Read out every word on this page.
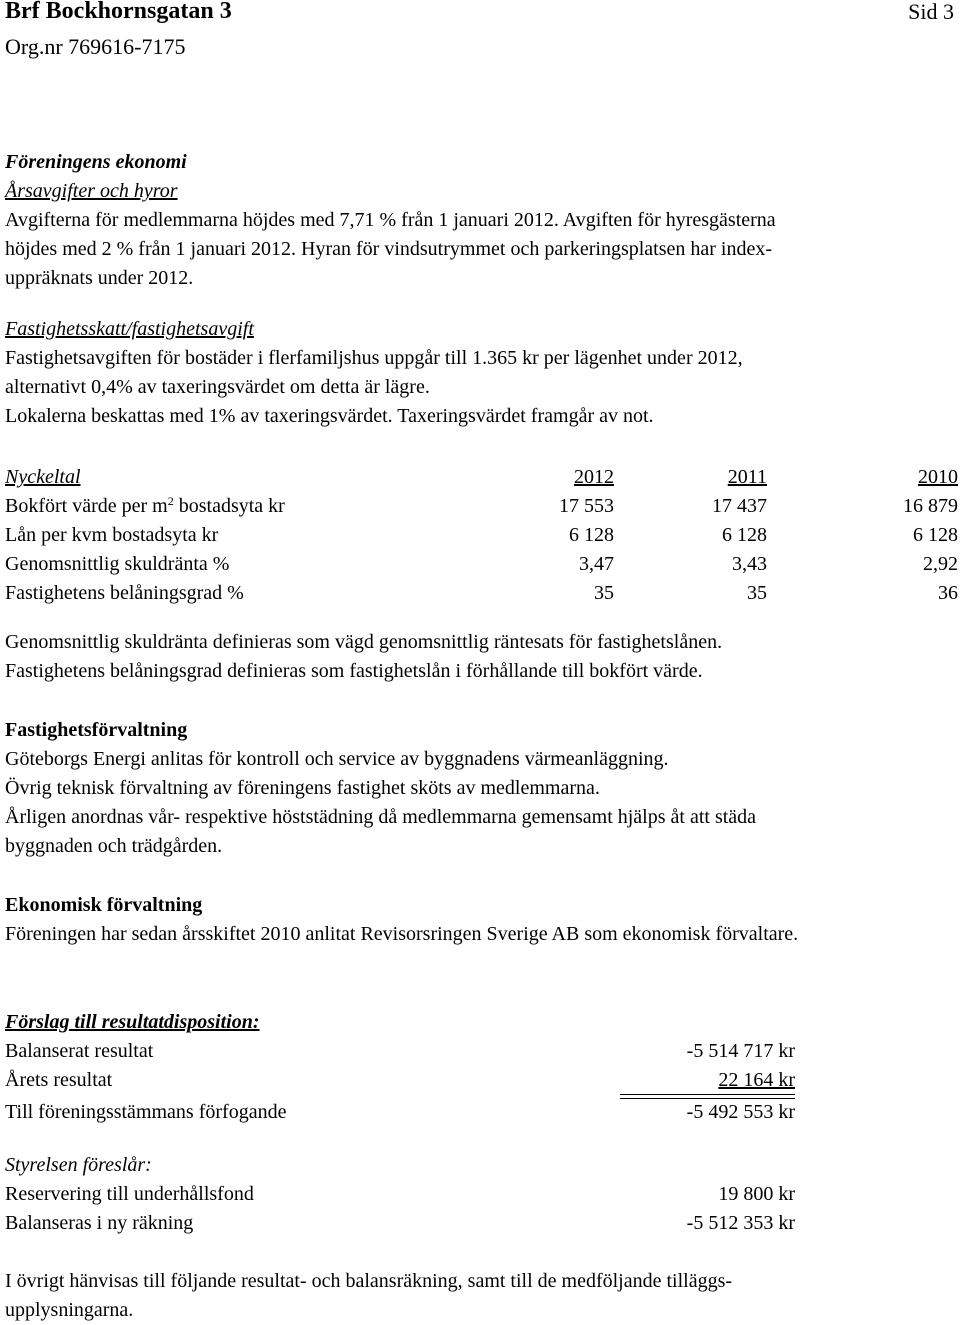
Brf Bockhornsgatan 3
Org.nr 769616-7175
Sid 3
Föreningens ekonomi
Årsavgifter och hyror
Avgifterna för medlemmarna höjdes med 7,71 % från 1 januari 2012. Avgiften för hyresgästerna
höjdes med 2 % från 1 januari 2012. Hyran för vindsutrymmet och parkeringsplatsen har index-
uppräknats under 2012.
Fastighetsskatt/fastighetsavgift
Fastighetsavgiften för bostäder i flerfamiljshus uppgår till 1.365 kr per lägenhet under 2012,
alternativt 0,4% av taxeringsvärdet om detta är lägre.
Lokalerna beskattas med 1% av taxeringsvärdet. Taxeringsvärdet framgår av not.
Nyckeltal	2012	2011	2010
Bokfört värde per $m^2$ bostadsyta kr	17 553	17 437	16 879
Lån per kvm bostadsyta kr	6 128	6 128	6 128
Genomsnittlig skuldränta %	3,47	3,43	2,92
Fastighetens belåningsgrad %	35	35	36
Genomsnittlig skuldränta definieras som vägd genomsnittlig räntesats för fastighetslånen.
Fastighetens belåningsgrad definieras som fastighetslån i förhållande till bokfört värde.
Fastighetsförvaltning
Göteborgs Energi anlitas för kontroll och service av byggnadens värmeanläggning.
Övrig teknisk förvaltning av föreningens fastighet sköts av medlemmarna.
Årligen anordnas vår- respektive höststädning då medlemmarna gemensamt hjälps åt att städa
byggnaden och trädgården.
Ekonomisk förvaltning
Föreningen har sedan årsskiftet 2010 anlitat Revisorsringen Sverige AB som ekonomisk förvaltare.
Förslag till resultatdisposition:
Balanserat resultat	-5 514 717 kr
Årets resultat	22 164 kr
Till föreningsstämmans förfogande	-5 492 553 kr
Styrelsen föreslår:
Reservering till underhållsfond	19 800 kr
Balanseras i ny räkning	-5 512 353 kr
I övrigt hänvisas till följande resultat- och balansräkning, samt till de medföljande tilläggs-
upplysningarna.
